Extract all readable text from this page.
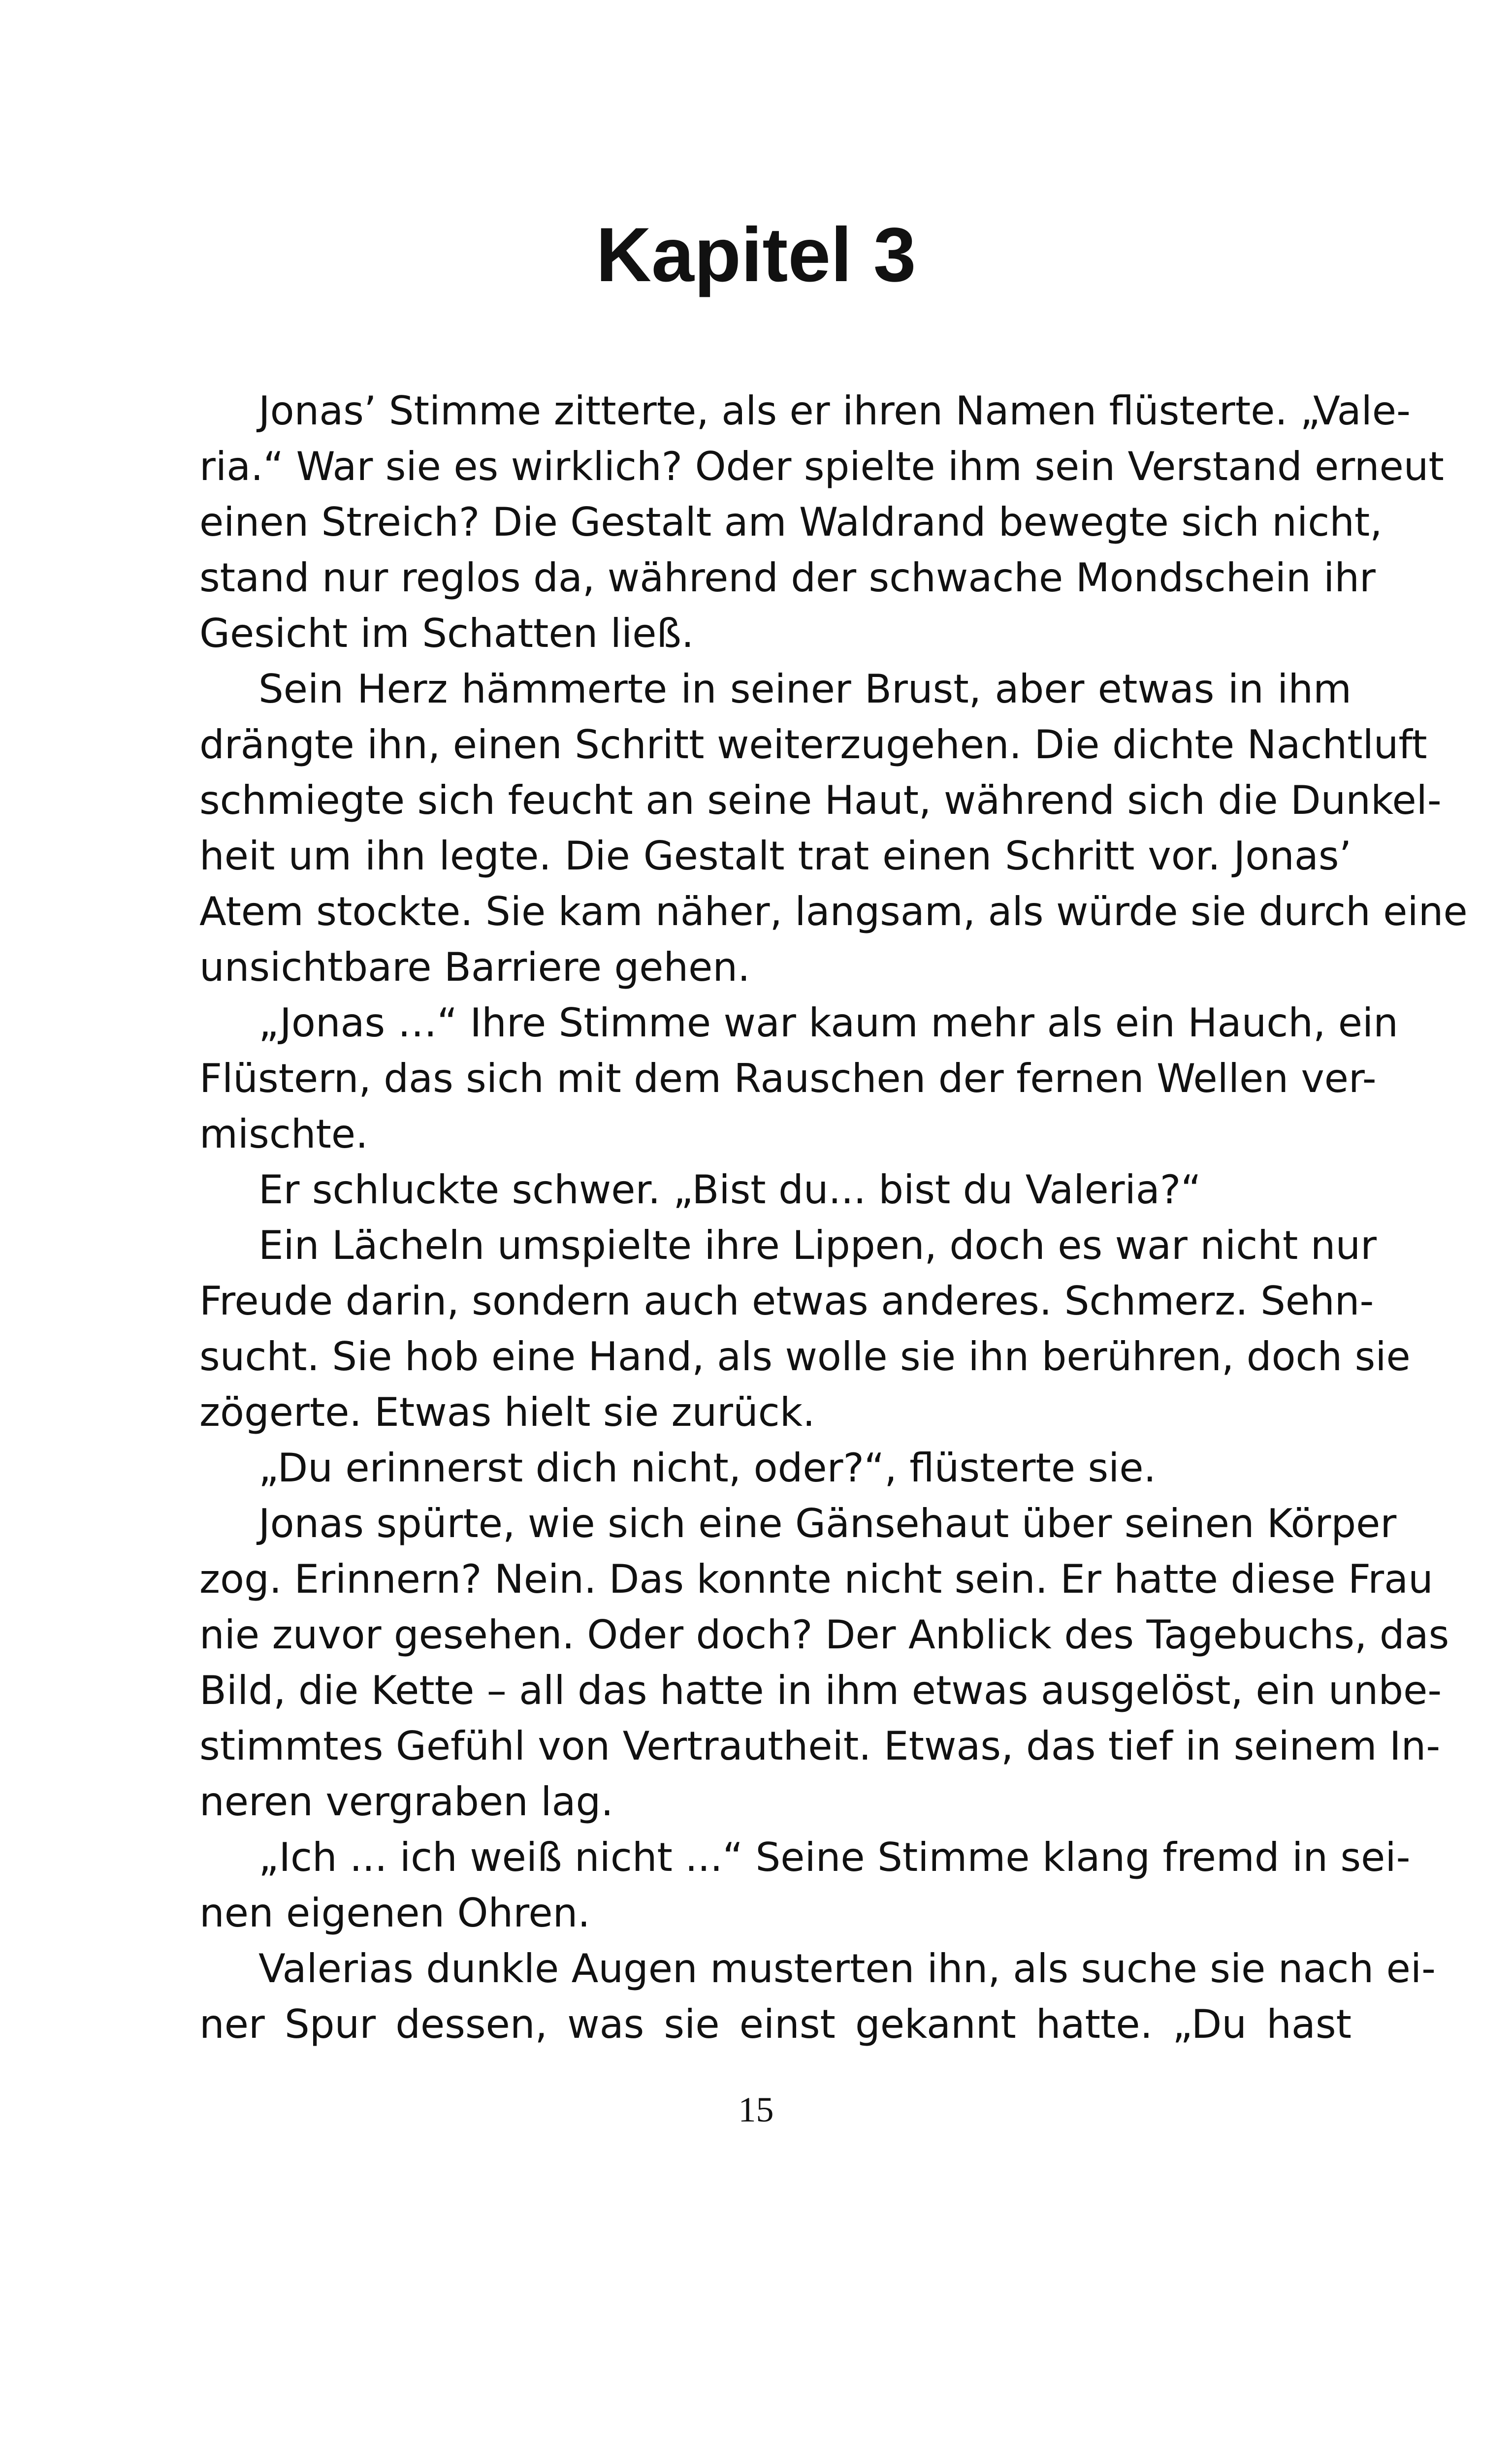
Kapitel 3
Jonas’ Stimme zitterte, als er ihren Namen flüsterte. „Vale-
ria.“ War sie es wirklich? Oder spielte ihm sein Verstand erneut
einen Streich? Die Gestalt am Waldrand bewegte sich nicht,
stand nur reglos da, während der schwache Mondschein ihr
Gesicht im Schatten ließ.
Sein Herz hämmerte in seiner Brust, aber etwas in ihm
drängte ihn, einen Schritt weiterzugehen. Die dichte Nachtluft
schmiegte sich feucht an seine Haut, während sich die Dunkel-
heit um ihn legte. Die Gestalt trat einen Schritt vor. Jonas’
Atem stockte. Sie kam näher, langsam, als würde sie durch eine
unsichtbare Barriere gehen.
„Jonas …“ Ihre Stimme war kaum mehr als ein Hauch, ein
Flüstern, das sich mit dem Rauschen der fernen Wellen ver-
mischte.
Er schluckte schwer. „Bist du... bist du Valeria?“
Ein Lächeln umspielte ihre Lippen, doch es war nicht nur
Freude darin, sondern auch etwas anderes. Schmerz. Sehn-
sucht. Sie hob eine Hand, als wolle sie ihn berühren, doch sie
zögerte. Etwas hielt sie zurück.
„Du erinnerst dich nicht, oder?“, flüsterte sie.
Jonas spürte, wie sich eine Gänsehaut über seinen Körper
zog. Erinnern? Nein. Das konnte nicht sein. Er hatte diese Frau
nie zuvor gesehen. Oder doch? Der Anblick des Tagebuchs, das
Bild, die Kette – all das hatte in ihm etwas ausgelöst, ein unbe-
stimmtes Gefühl von Vertrautheit. Etwas, das tief in seinem In-
neren vergraben lag.
„Ich ... ich weiß nicht ...“ Seine Stimme klang fremd in sei-
nen eigenen Ohren.
Valerias dunkle Augen musterten ihn, als suche sie nach ei-
ner Spur dessen, was sie einst gekannt hatte. „Du hast
15
